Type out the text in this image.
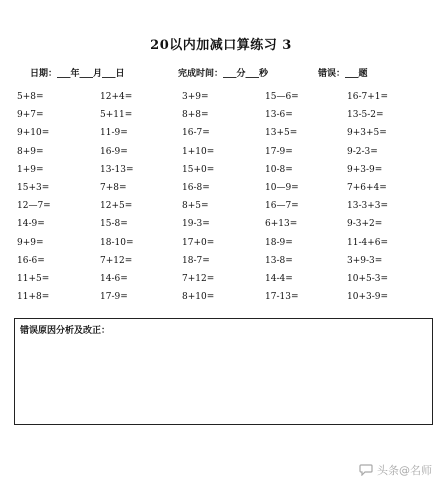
20以内加减口算练习 3
日期：___年___月___日	完成时间：___分___秒	错误：___题
5+8=	12+4=	3+9=	15—6=	16-7+1=
9+7=	5+11=	8+8=	13-6=	13-5-2=
9+10=	11-9=	16-7=	13+5=	9+3+5=
8+9=	16-9=	1+10=	17-9=	9-2-3=
1+9=	13-13=	15+0=	10-8=	9+3-9=
15+3=	7+8=	16-8=	10—9=	7+6+4=
12—7=	12+5=	8+5=	16—7=	13-3+3=
14-9=	15-8=	19-3=	6+13=	9-3+2=
9+9=	18-10=	17+0=	18-9=	11-4+6=
16-6=	7+12=	18-7=	13-8=	3+9-3=
11+5=	14-6=	7+12=	14-4=	10+5-3=
11+8=	17-9=	8+10=	17-13=	10+3-9=
错误原因分析及改正：
头条@名师
